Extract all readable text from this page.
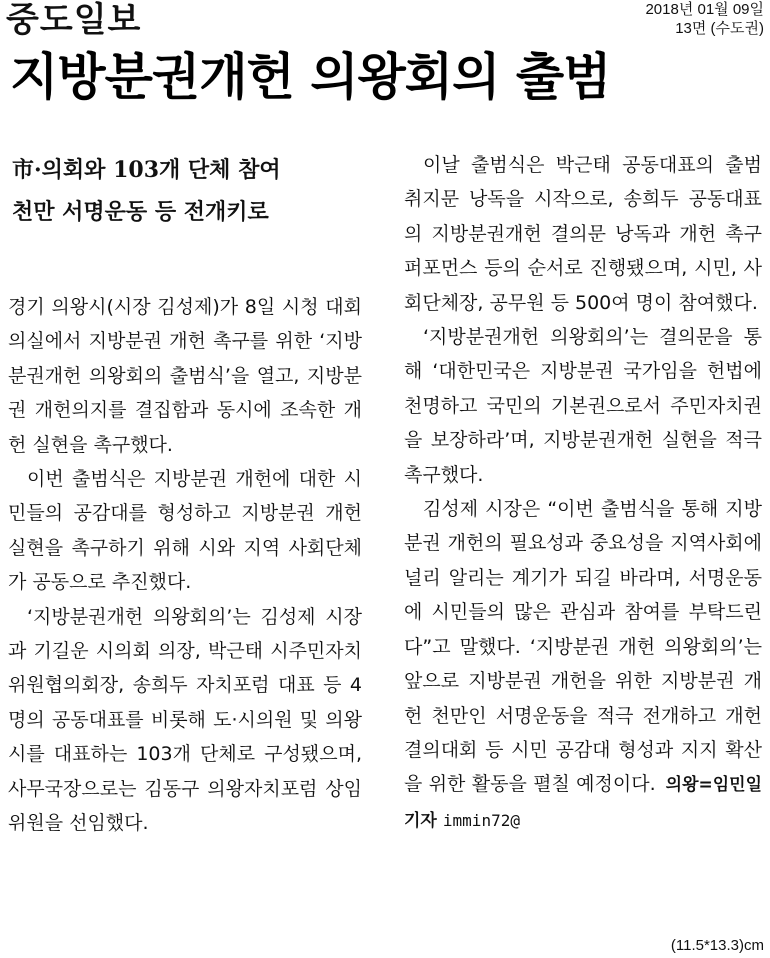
중도일보	2018년 01월 09일
13면 (수도권)
지방분권개헌 의왕회의 출범
市·의회와 103개 단체 참여
천만 서명운동 등 전개키로

경기 의왕시(시장 김성제)가 8일 시청 대회의실에서 지방분권 개헌 촉구를 위한 ‘지방분권개헌 의왕회의 출범식’을 열고, 지방분권 개헌의지를 결집함과 동시에 조속한 개헌 실현을 촉구했다.

이번 출범식은 지방분권 개헌에 대한 시민들의 공감대를 형성하고 지방분권 개헌 실현을 촉구하기 위해 시와 지역 사회단체가 공동으로 추진했다.

‘지방분권개헌 의왕회의’는 김성제 시장과 기길운 시의회 의장, 박근태 시주민자치위원협의회장, 송희두 자치포럼 대표 등 4명의 공동대표를 비롯해 도·시의원 및 의왕시를 대표하는 103개 단체로 구성됐으며, 사무국장으로는 김동구 의왕자치포럼 상임위원을 선임했다.

이날 출범식은 박근태 공동대표의 출범 취지문 낭독을 시작으로, 송희두 공동대표의 지방분권개헌 결의문 낭독과 개헌 촉구 퍼포먼스 등의 순서로 진행됐으며, 시민, 사회단체장, 공무원 등 500여 명이 참여했다.

‘지방분권개헌 의왕회의’는 결의문을 통해 ‘대한민국은 지방분권 국가임을 헌법에 천명하고 국민의 기본권으로서 주민자치권을 보장하라’며, 지방분권개헌 실현을 적극 촉구했다.

김성제 시장은 “이번 출범식을 통해 지방분권 개헌의 필요성과 중요성을 지역사회에 널리 알리는 계기가 되길 바라며, 서명운동에 시민들의 많은 관심과 참여를 부탁드린다”고 말했다. ‘지방분권 개헌 의왕회의’는 앞으로 지방분권 개헌을 위한 지방분권 개헌 천만인 서명운동을 적극 전개하고 개헌 결의대회 등 시민 공감대 형성과 지지 확산을 위한 활동을 펼칠 예정이다. 의왕=임민일 기자 immin72@

(11.5*13.3)cm
